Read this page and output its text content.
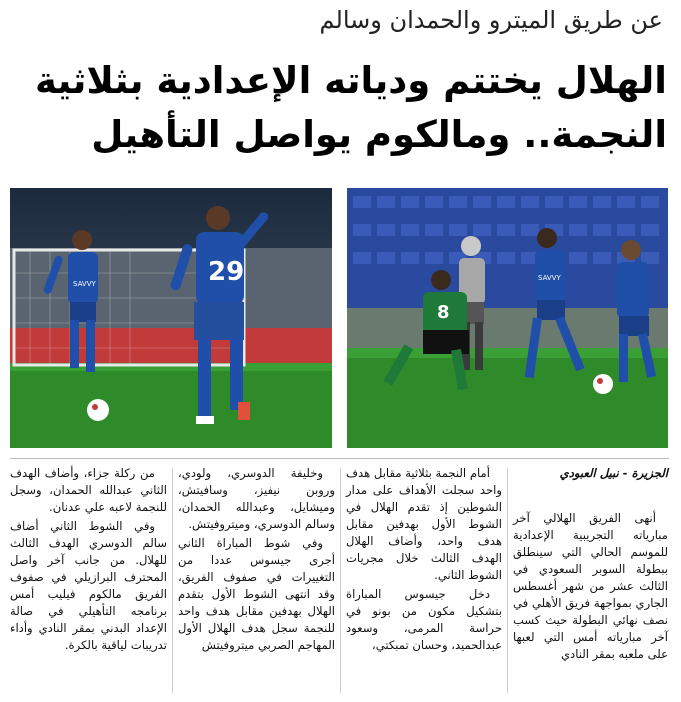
عن طريق الميترو والحمدان وسالم
الهلال يختتم ودياته الإعدادية بثلاثية
النجمة.. ومالكوم يواصل التأهيل
SAVVY	29
8
SAVVY

الجزيرة - نبيل العبودي

أنهى الفريق الهلالي آخر مبارياته التجريبية الإعدادية للموسم الحالي التي سينطلق ببطولة السوبر السعودي في الثالث عشر من شهر أغسطس الجاري بمواجهة فريق الأهلي في نصف نهائي البطولة حيث كسب آخر مبارياته أمس التي لعبها على ملعبه بمقر النادي

أمام النجمة بثلاثية مقابل هدف واحد سجلت الأهداف على مدار الشوطين إذ تقدم الهلال في الشوط الأول بهدفين مقابل هدف واحد، وأضاف الهلال الهدف الثالث خلال مجريات الشوط الثاني.

دخل جيسوس المباراة بتشكيل مكون من بونو في حراسة المرمى، وسعود عبدالحميد، وحسان تمبكتي،

وخليفة الدوسري، ولودي، وروبن نيفيز، وسافيتش، وميشايل، وعبدالله الحمدان، وسالم الدوسري، وميتروفيتش.

وفي شوط المباراة الثاني أجرى جيسوس عددا من التغييرات في صفوف الفريق، وقد انتهى الشوط الأول بتقدم الهلال بهدفين مقابل هدف واحد للنجمة سجل هدف الهلال الأول المهاجم الصربي ميتروفيتش

من ركلة جزاء، وأضاف الهدف الثاني عبدالله الحمدان، وسجل للنجمة لاعبه علي عدنان.

وفي الشوط الثاني أضاف سالم الدوسري الهدف الثالث للهلال. من جانب آخر واصل المحترف البرازيلي في صفوف الفريق مالكوم فيليب أمس برنامجه التأهيلي في صالة الإعداد البدني بمقر النادي وأداء تدريبات لياقية بالكرة.
